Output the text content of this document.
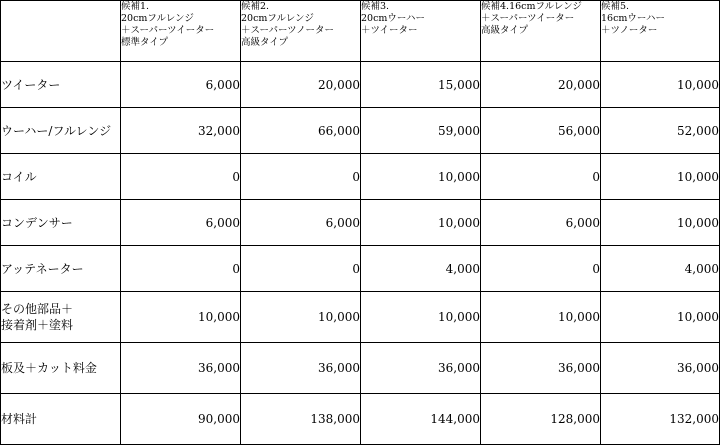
	候補1.
20cmフルレンジ
＋スーパーツイーター
標準タイプ	候補2.
20cmフルレンジ
＋スーパーツノーター
高級タイプ	候補3.
20cmウーハー
＋ツイーター	候補4.16cmフルレンジ
＋スーパーツイーター
高級タイプ	候補5.
16cmウーハー
＋ツノーター

ツイーター	6,000	20,000	15,000	20,000	10,000

ウーハー/フルレンジ	32,000	66,000	59,000	56,000	52,000

コイル	0	0	10,000	0	10,000

コンデンサー	6,000	6,000	10,000	6,000	10,000

アッテネーター	0	0	4,000	0	4,000

その他部品＋
接着剤＋塗料	10,000	10,000	10,000	10,000	10,000

板及＋カット料金	36,000	36,000	36,000	36,000	36,000

材料計	90,000	138,000	144,000	128,000	132,000
